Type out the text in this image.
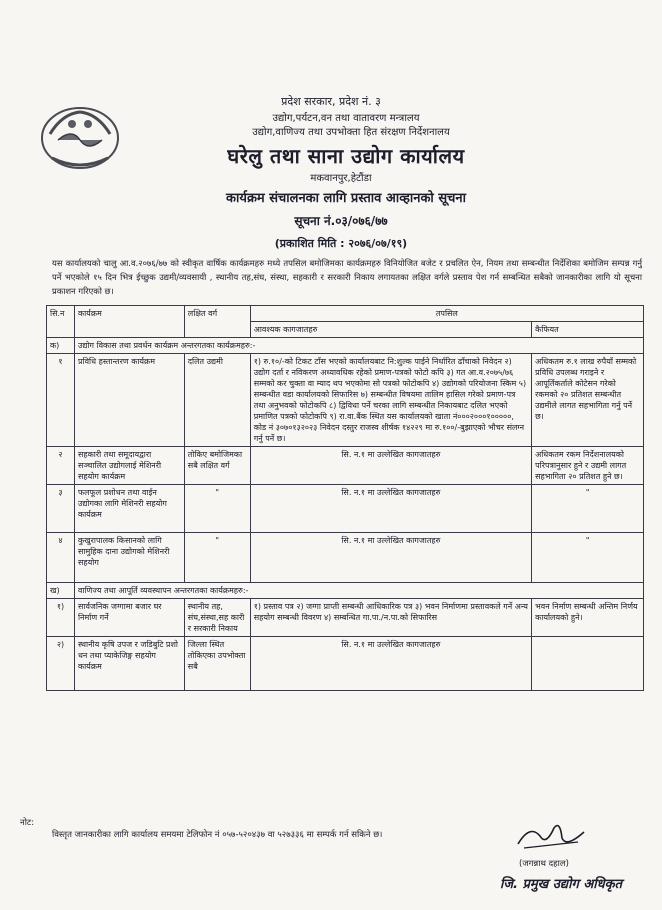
प्रदेश सरकार, प्रदेश नं. ३
उद्योग,पर्यटन,वन तथा वातावरण मन्त्रालय
उद्योग,वाणिज्य तथा उपभोक्ता हित संरक्षण निर्देशनालय
घरेलु तथा साना उद्योग कार्यालय
मकवानपुर,हेटौंडा
कार्यक्रम संचालनका लागि प्रस्ताव आव्हानको सूचना
सूचना नं.०३/०७६/७७
(प्रकाशित मिति : २०७६/०७/१९)

यस कार्यालयको चालु आ.व.२०७६/७७ को स्वीकृत वार्षिक कार्यक्रमहरु मध्ये तपसिल बमोजिमका कार्यक्रमहरु विनियोजित बजेट र प्रचलित ऐन, नियम तथा सम्बन्धीत निर्देशिका बमोजिम सम्पन्न गर्नु पर्ने भएकोले १५ दिन भित्र ईच्छुक उद्यमी/व्यवसायी , स्थानीय तह,संघ, संस्था, सहकारी र सरकारी निकाय लगायतका लक्षित वर्गले प्रस्ताव पेश गर्न सम्बन्धित सबैको जानकारीका लागि यो सूचना प्रकाशन गरिएको छ।

सि.न	कार्यक्रम	लक्षित वर्ग	तपसिल	
			आवश्यक कागजातहरु	कैफियत
क)	उद्योग विकास तथा प्रवर्धन कार्यक्रम अन्तरगतका कार्यक्रमहरु:-			
१	प्रविधि हस्तान्तरण कार्यक्रम	दलित उद्यमी	१) रु.१०/-को टिकट टाँस भएको कार्यालयबाट नि:शुल्क पाईने निर्धारित ढाँचाको निवेदन २) उद्योग दर्ता र नविकरण अध्यावधिक रहेको प्रमाण-पत्रको फोटो कपि ३) गत आ.व.२०७५/७६ सम्मको कर चुक्ता वा म्याद थप भएकोमा सो पत्रको फोटोकपि ४) उद्योगको परियोजना स्किम ५) सम्बन्धीत वडा कार्यालयको सिफारिस ७) सम्बन्धीत विषयमा तालिम हासिल गरेको प्रमाण-पत्र तथा अनुभवको फोटोकपि ८) द्विविधा पर्ने चरका लागि सम्बन्धीत निकायबाट दलित भएको प्रमाणित पत्रको फोटोकपि ९) रा.वा.बैंक स्थित यस कार्यालयको खाता नं०००२०००१०००००, कोड नं ३०७०१३२०२३ निवेदन दस्तुर राजस्व शीर्षक १४२२९ मा रु.१००/-बुझाएको भौचर संलग्न गर्नु पर्ने छ।	अधिकतम रु.१ लाख रुपैयाँ सम्मको प्रविधि उपलब्ध गराइने र आपूर्तिकर्ताले कोटेसन गरेको रकमको २० प्रतिशत सम्बन्धीत उद्यमीले लागत सहभागिता गर्नु पर्ने छ।
२	सहकारी तथा समूदायद्वारा सञ्चालित उद्योगलाई मेशिनरी सहयोग कार्यक्रम	तोकिए बमोजिमका सबै लक्षित वर्ग	सि. न.१ मा उल्लेखित कागजातहरु	अधिकतम रकम निर्देशनालयको परिपत्रानुसार हुने र उद्यमी लागत सहभागिता २० प्रतिशत हुने छ।
३	फलफूल प्रशोधन तथा वाईन उद्योगका लागि मेशिनरी सहयोग कार्यक्रम	"	सि. न.१ मा उल्लेखित कागजातहरु	"
४	कुखुरापालक किसानको लागि सामुहिक दाना उद्योगको मेशिनरी सहयोग	"	सि. न.१ मा उल्लेखित कागजातहरु	"
ख)	वाणिज्य तथा आपूर्ति व्यवस्थापन अन्तरगतका कार्यक्रमहरु:-			
१)	सार्वजनिक जग्गामा बजार घर निर्माण गर्ने	स्थानीय तह, संघ,संस्था,सह कारी र सरकारी निकाय	१) प्रस्ताव पत्र २) जग्गा प्राप्ती सम्बन्धी आधिकारिक पत्र ३) भवन निर्माणमा प्रस्तावकले गर्ने अन्य सहयोग सम्बन्धी विवरण ४) सम्बन्धित गा.पा./न.पा.को सिफारिस	भवन निर्माण सम्बन्धी अन्तिम निर्णय कार्यालयको हुने।
२)	स्थानीय कृषि उपज र जडिबुटि प्रशो धन तथा प्याकेजिङ्ग सहयोग कार्यक्रम	जिल्ला स्थित तोकिएका उपभोक्ता सबै	सि. न.१ मा उल्लेखित कागजातहरु	
नोट:
विस्तृत जानकारीका लागि कार्यालय समयमा टेलिफोन नं ०५७-५२०४३७ वा ५२७३३६ मा सम्पर्क गर्न सकिने छ।
(जगन्नाथ दहाल)
जि. प्रमुख उद्योग अधिकृत
